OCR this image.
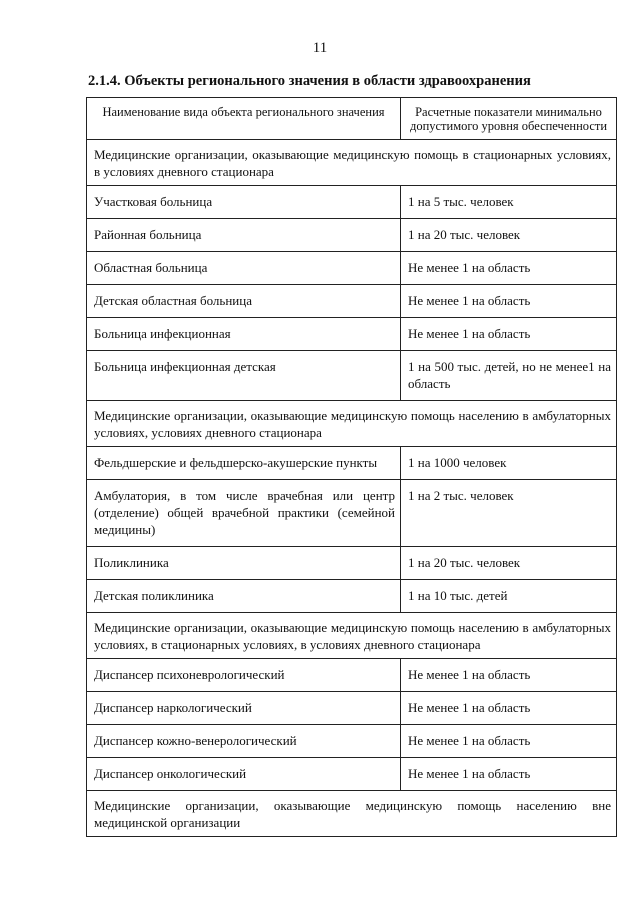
11
2.1.4. Объекты регионального значения в области здравоохранения
Наименование вида объекта регионального значения	Расчетные показатели минимально допустимого уровня обеспеченности
Медицинские организации, оказывающие медицинскую помощь в стационарных условиях, в условиях дневного стационара	
Участковая больница	1 на 5 тыс. человек
Районная больница	1 на 20 тыс. человек
Областная больница	Не менее 1 на область
Детская областная больница	Не менее 1 на область
Больница инфекционная	Не менее 1 на область
Больница инфекционная детская	1 на 500 тыс. детей, но не менее1 на область
Медицинские организации, оказывающие медицинскую помощь населению в амбулаторных условиях, условиях дневного стационара	
Фельдшерские и фельдшерско-акушерские пункты	1 на 1000 человек
Амбулатория, в том числе врачебная или центр (отделение) общей врачебной практики (семейной медицины)	1 на 2 тыс. человек
Поликлиника	1 на 20 тыс. человек
Детская поликлиника	1 на 10 тыс. детей
Медицинские организации, оказывающие медицинскую помощь населению в амбулаторных условиях, в стационарных условиях, в условиях дневного стационара	
Диспансер психоневрологический	Не менее 1 на область
Диспансер наркологический	Не менее 1 на область
Диспансер кожно-венерологический	Не менее 1 на область
Диспансер онкологический	Не менее 1 на область
Медицинские организации, оказывающие медицинскую помощь населению вне медицинской организации	
